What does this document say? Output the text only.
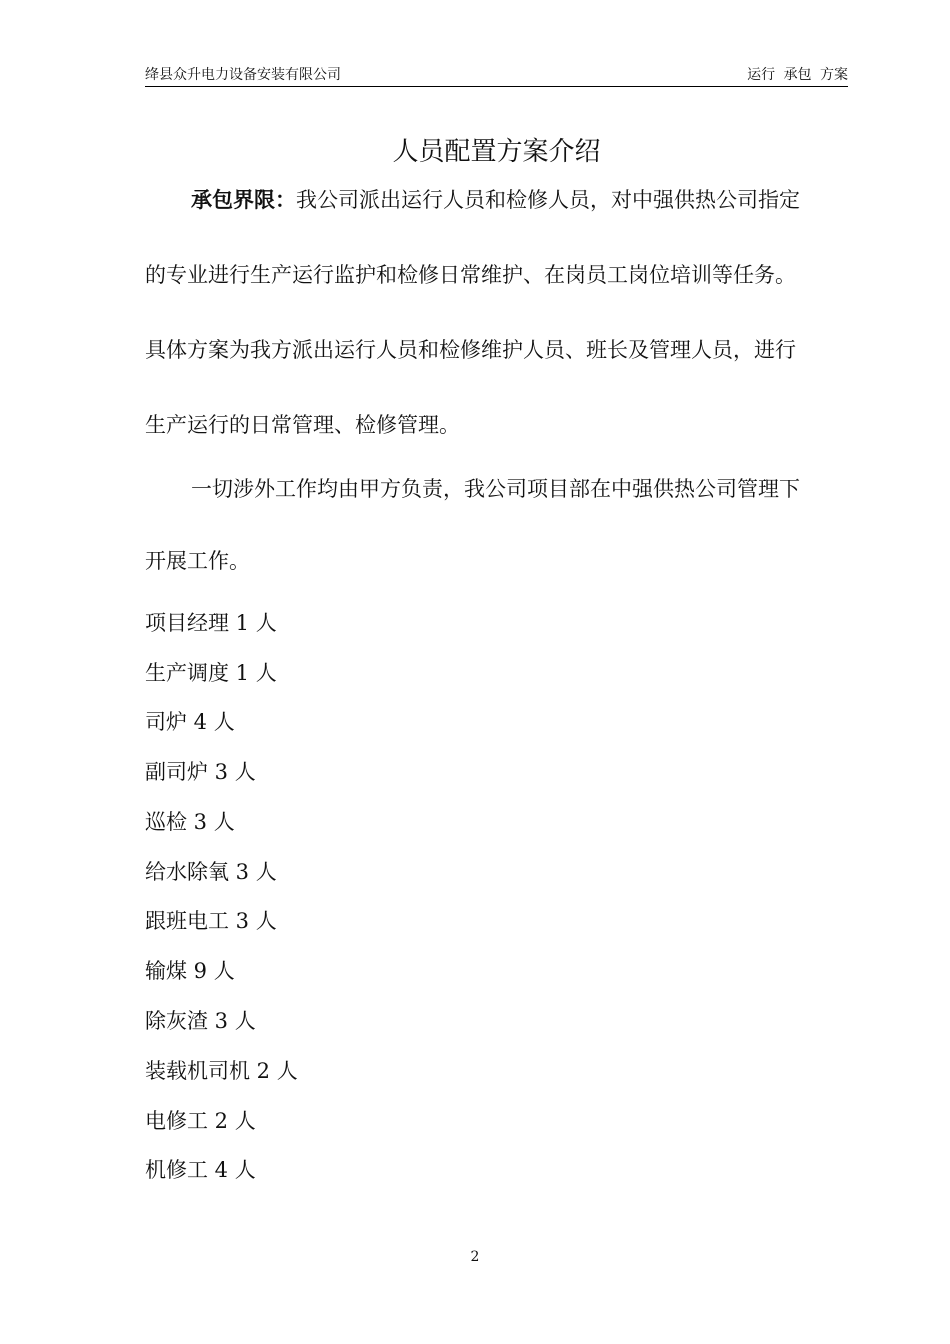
绛县众升电力设备安装有限公司	运行 承包 方案
人员配置方案介绍
承包界限：我公司派出运行人员和检修人员，对中强供热公司指定
的专业进行生产运行监护和检修日常维护、在岗员工岗位培训等任务。
具体方案为我方派出运行人员和检修维护人员、班长及管理人员，进行
生产运行的日常管理、检修管理。
一切涉外工作均由甲方负责，我公司项目部在中强供热公司管理下
开展工作。
项目经理 1 人
生产调度 1 人
司炉 4 人
副司炉 3 人
巡检 3 人
给水除氧 3 人
跟班电工 3 人
输煤 9 人
除灰渣 3 人
装载机司机 2 人
电修工 2 人
机修工 4 人
2
